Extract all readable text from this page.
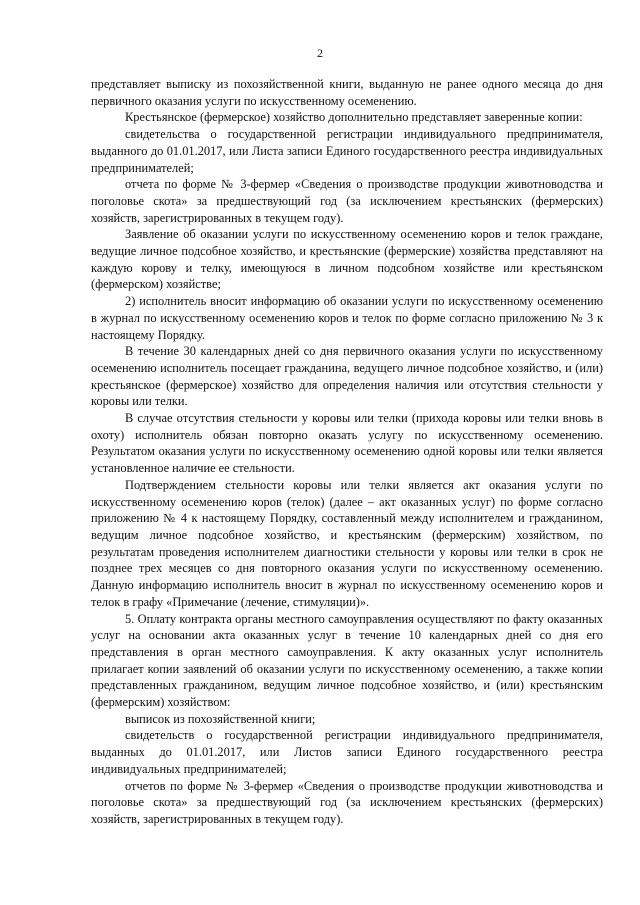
2

представляет выписку из похозяйственной книги, выданную не ранее одного месяца до дня первичного оказания услуги по искусственному осеменению.

Крестьянское (фермерское) хозяйство дополнительно представляет заверенные копии:

свидетельства о государственной регистрации индивидуального предпринимателя, выданного до 01.01.2017, или Листа записи Единого государственного реестра индивидуальных предпринимателей;

отчета по форме № 3-фермер «Сведения о производстве продукции животноводства и поголовье скота» за предшествующий год (за исключением крестьянских (фермерских) хозяйств, зарегистрированных в текущем году).

Заявление об оказании услуги по искусственному осеменению коров и телок граждане, ведущие личное подсобное хозяйство, и крестьянские (фермерские) хозяйства представляют на каждую корову и телку, имеющуюся в личном подсобном хозяйстве или крестьянском (фермерском) хозяйстве;

2) исполнитель вносит информацию об оказании услуги по искусственному осеменению в журнал по искусственному осеменению коров и телок по форме согласно приложению № 3 к настоящему Порядку.

В течение 30 календарных дней со дня первичного оказания услуги по искусственному осеменению исполнитель посещает гражданина, ведущего личное подсобное хозяйство, и (или) крестьянское (фермерское) хозяйство для определения наличия или отсутствия стельности у коровы или телки.

В случае отсутствия стельности у коровы или телки (прихода коровы или телки вновь в охоту) исполнитель обязан повторно оказать услугу по искусственному осеменению. Результатом оказания услуги по искусственному осеменению одной коровы или телки является установленное наличие ее стельности.

Подтверждением стельности коровы или телки является акт оказания услуги по искусственному осеменению коров (телок) (далее – акт оказанных услуг) по форме согласно приложению № 4 к настоящему Порядку, составленный между исполнителем и гражданином, ведущим личное подсобное хозяйство, и крестьянским (фермерским) хозяйством, по результатам проведения исполнителем диагностики стельности у коровы или телки в срок не позднее трех месяцев со дня повторного оказания услуги по искусственному осеменению. Данную информацию исполнитель вносит в журнал по искусственному осеменению коров и телок в графу «Примечание (лечение, стимуляции)».

5. Оплату контракта органы местного самоуправления осуществляют по факту оказанных услуг на основании акта оказанных услуг в течение 10 календарных дней со дня его представления в орган местного самоуправления. К акту оказанных услуг исполнитель прилагает копии заявлений об оказании услуги по искусственному осеменению, а также копии представленных гражданином, ведущим личное подсобное хозяйство, и (или) крестьянским (фермерским) хозяйством:

выписок из похозяйственной книги;

свидетельств о государственной регистрации индивидуального предпринимателя, выданных до 01.01.2017, или Листов записи Единого государственного реестра индивидуальных предпринимателей;

отчетов по форме № 3-фермер «Сведения о производстве продукции животноводства и поголовье скота» за предшествующий год (за исключением крестьянских (фермерских) хозяйств, зарегистрированных в текущем году).
